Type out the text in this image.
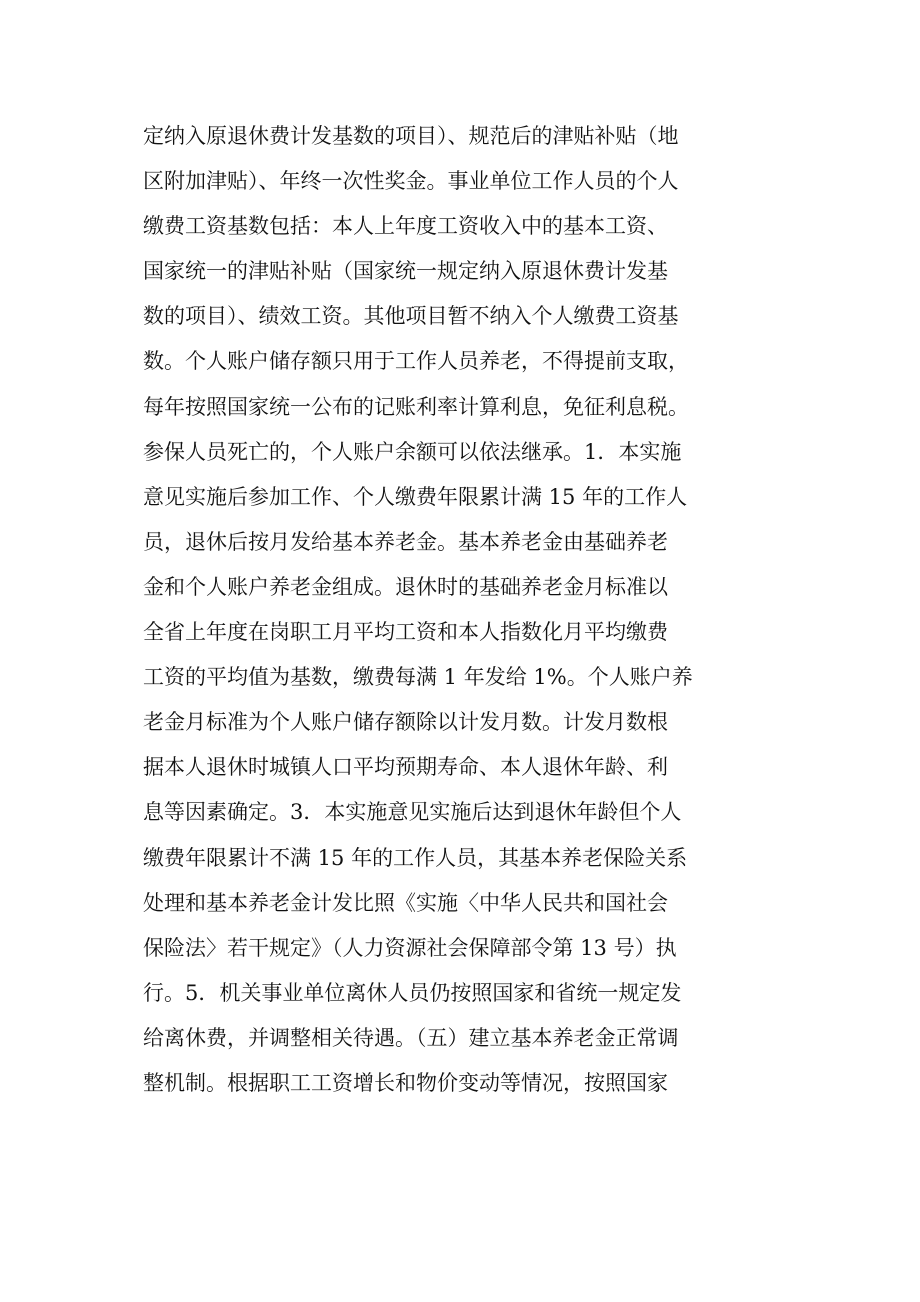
定纳入原退休费计发基数的项目）、规范后的津贴补贴（地
区附加津贴）、年终一次性奖金。事业单位工作人员的个人
缴费工资基数包括：本人上年度工资收入中的基本工资、
国家统一的津贴补贴（国家统一规定纳入原退休费计发基
数的项目）、绩效工资。其他项目暂不纳入个人缴费工资基
数。个人账户储存额只用于工作人员养老，不得提前支取，
每年按照国家统一公布的记账利率计算利息，免征利息税。
参保人员死亡的，个人账户余额可以依法继承。1．本实施
意见实施后参加工作、个人缴费年限累计满 15 年的工作人
员，退休后按月发给基本养老金。基本养老金由基础养老
金和个人账户养老金组成。退休时的基础养老金月标准以
全省上年度在岗职工月平均工资和本人指数化月平均缴费
工资的平均值为基数，缴费每满 1 年发给 1%。个人账户养
老金月标准为个人账户储存额除以计发月数。计发月数根
据本人退休时城镇人口平均预期寿命、本人退休年龄、利
息等因素确定。3．本实施意见实施后达到退休年龄但个人
缴费年限累计不满 15 年的工作人员，其基本养老保险关系
处理和基本养老金计发比照《实施〈中华人民共和国社会
保险法〉若干规定》（人力资源社会保障部令第 13 号）执
行。5．机关事业单位离休人员仍按照国家和省统一规定发
给离休费，并调整相关待遇。（五）建立基本养老金正常调
整机制。根据职工工资增长和物价变动等情况，按照国家
